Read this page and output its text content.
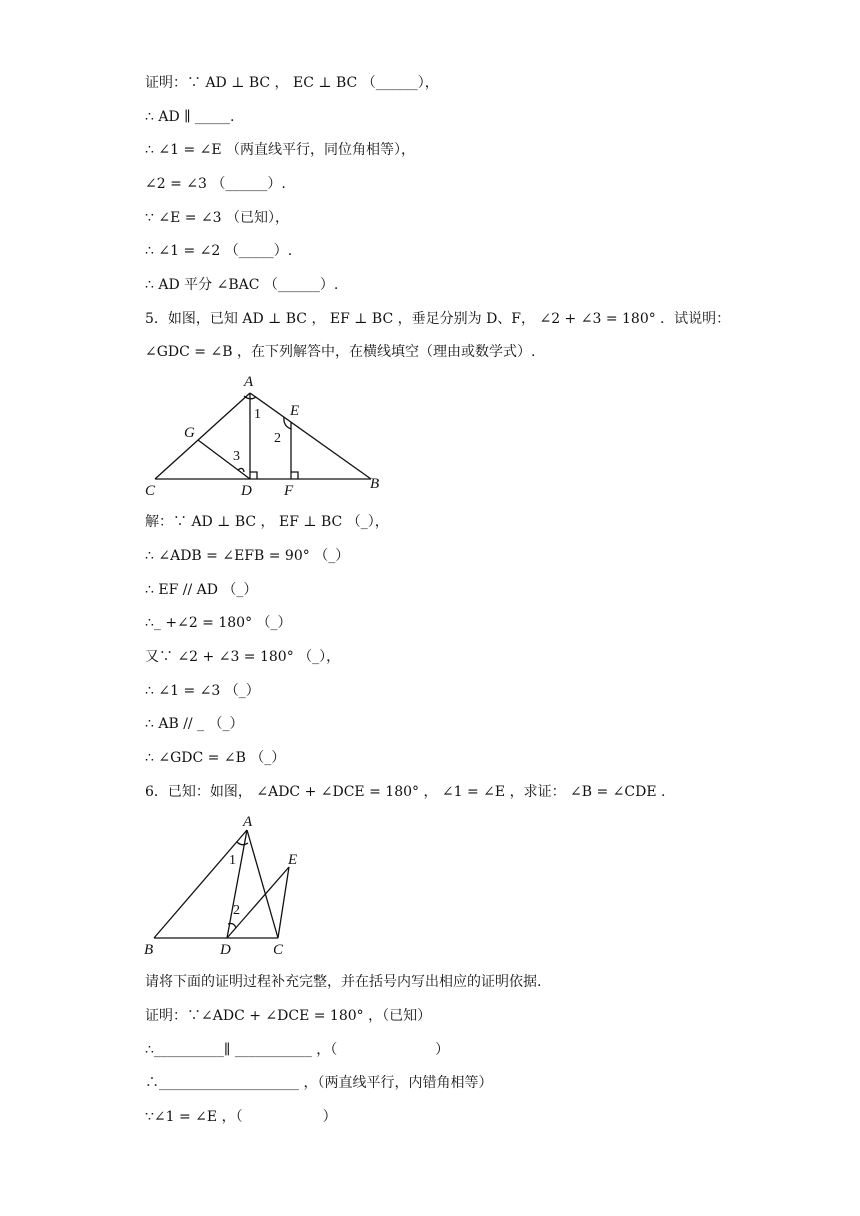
证明：∵ AD ⊥ BC ， EC ⊥ BC （______），
∴ AD ∥ _____.
∴ ∠1 = ∠E （两直线平行，同位角相等），
∠2 = ∠3 （______）.
∵ ∠E = ∠3 （已知），
∴ ∠1 = ∠2 （_____）.
∴ AD 平分 ∠BAC （______）.
5．如图，已知 AD ⊥ BC ， EF ⊥ BC ，垂足分别为 D、F， ∠2 + ∠3 = 180° ．试说明：
∠GDC = ∠B ，在下列解答中，在横线填空（理由或数学式）.
A
E
G
C	D F	B
1
2
3
解：∵ AD ⊥ BC ， EF ⊥ BC （_），
∴ ∠ADB = ∠EFB = 90° （_）
∴ EF // AD （_）
∴_ +∠2 = 180° （_）
又∵ ∠2 + ∠3 = 180° （_），
∴ ∠1 = ∠3 （_）
∴ AB // _ （_）
∴ ∠GDC = ∠B （_）
6．已知：如图， ∠ADC + ∠DCE = 180° ， ∠1 = ∠E ，求证： ∠B = ∠CDE .
A
E
B	D	C
1
2
请将下面的证明过程补充完整，并在括号内写出相应的证明依据.
证明：∵∠ADC + ∠DCE = 180° ，（已知）
∴__________∥ ___________ ，（                      ）
∴____________________ ，（两直线平行，内错角相等）
∵∠1 = ∠E ，（                  ）
